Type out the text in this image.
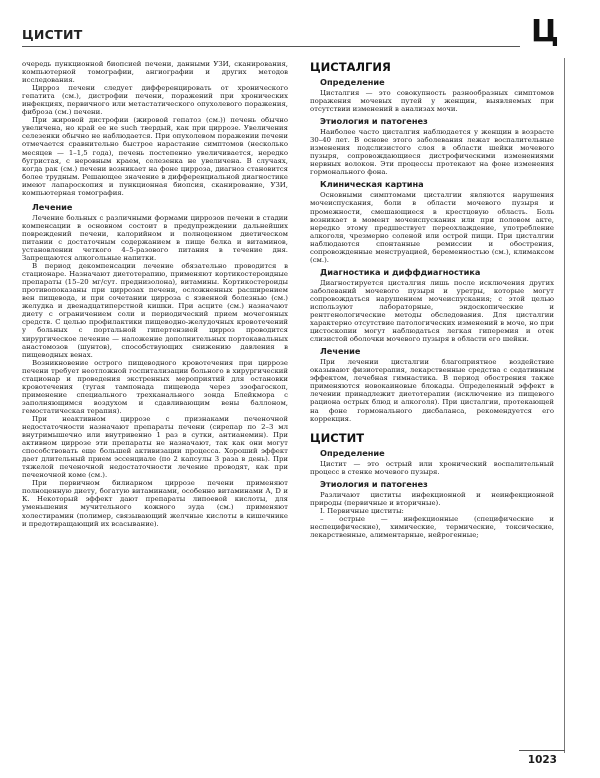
ЦИСТИТ	Ц

очередь пункционной биопсией печени, данными УЗИ, сканирования, компьютерной томографии, ангиографии и других методов исследования.

Цирроз печени следует дифференцировать от хронического гепатита (см.), дистрофии печени, поражений при хронических инфекциях, первичного или метастатического опухолевого поражения, фиброза (см.) печени.

При жировой дистрофии (жировой гепатоз (см.)) печень обычно увеличена, но край ее не such твердый, как при циррозе. Увеличения селезенки обычно не наблюдается. При опухолевом поражении печени отмечается сравнительно быстрое нарастание симптомов (несколько месяцев — 1–1,5 года), печень постепенно увеличивается, нередко бугристая, с неровным краем, селезенка не увеличена. В случаях, когда рак (см.) печени возникает на фоне цирроза, диагноз становится более трудным. Решающее значение в дифференциальной диагностике имеют лапароскопия и пункционная биопсия, сканирование, УЗИ, компьютерная томография.

Лечение

Лечение больных с различными формами циррозов печени в стадии компенсации в основном состоит в предупреждении дальнейших повреждений печени, калорийном и полноценном диетическом питании с достаточным содержанием в пище белка и витаминов, установлении четкого 4–5-разового питания в течение дня. Запрещаются алкогольные напитки.

В период декомпенсации лечение обязательно проводится в стационаре. Назначают диетотерапию, применяют кортикостероидные препараты (15–20 мг/сут. преднизолона), витамины. Кортикостероиды противопоказаны при циррозах печени, осложненных расширением вен пищевода, и при сочетании цирроза с язвенной болезнью (см.) желудка и двенадцатиперстной кишки. При асците (см.) назначают диету с ограничением соли и периодический прием мочегонных средств. С целью профилактики пищеводно-желудочных кровотечений у больных с портальной гипертензией цирроз проводится хирургическое лечение — наложение дополнительных портокавальных анастомозов (шунтов), способствующих снижению давления в пищеводных венах.

Возникновение острого пищеводного кровотечения при циррозе печени требует неотложной госпитализации больного в хирургический стационар и проведения экстренных мероприятий для остановки кровотечения (тугая тампонада пищевода через зэофагоскоп, применение специального трехканального зонда Блейкмора с заполняющимся воздухом и сдавливающим вены баллоном, гемостатическая терапия).

При неактивном циррозе с признаками печеночной недостаточности назначают препараты печени (сирепар по 2–3 мл внутримышечно или внутривенно 1 раз в сутки, антианемин). При активном циррозе эти препараты не назначают, так как они могут способствовать еще большей активизации процесса. Хороший эффект дает длительный прием эссенциале (по 2 капсулы 3 раза в день). При тяжелой печеночной недостаточности лечение проводят, как при печеночной коме (см.).

При первичном билиарном циррозе печени применяют полноценную диету, богатую витаминами, особенно витаминами А, D и К. Некоторый эффект дают препараты липоевой кислоты, для уменьшения мучительного кожного зуда (см.) применяют холестирамин (полимер, связывающий желчные кислоты в кишечнике и предотвращающий их всасывание).

ЦИСТАЛГИЯ
Определение

Цисталгия — это совокупность разнообразных симптомов поражения мочевых путей у женщин, выявляемых при отсутствии изменений в анализах мочи.

Этиология и патогенез

Наиболее часто цисталгия наблюдается у женщин в возрасте 30–40 лет. В основе этого заболевания лежат воспалительные изменения подслизистого слоя в области шейки мочевого пузыря, сопровождающиеся дистрофическими изменениями нервных волокон. Эти процессы протекают на фоне изменения гормонального фона.

Клиническая картина

Основными симптомами цисталгии являются нарушения мочеиспускания, боли в области мочевого пузыря и промежности, смешающиеся в крестцовую область. Боль возникает в момент мочеиспускания или при половом акте, нередко этому предшествует переохлаждение, употребление алкоголя, чрезмерно соленой или острой пищи. При цисталгии наблюдаются спонтанные ремиссии и обострения, сопровожденные менструацией, беременностью (см.), климаксом (см.).

Диагностика и диффдиагностика

Диагностируется цисталгия лишь после исключения других заболеваний мочевого пузыря и уретры, которые могут сопровождаться нарушением мочеиспускания; с этой целью используют лабораторные, эндоскопические и рентгенологические методы обследования. Для цисталгии характерно отсутствие патологических изменений в моче, но при цистоскопии могут наблюдаться легкая гиперемия и отек слизистой оболочки мочевого пузыря в области его шейки.

Лечение

При лечении цисталгии благоприятное воздействие оказывают физиотерапия, лекарственные средства с седативным эффектом, лечебная гимнастика. В период обострения также применяются новокаиновые блокады. Определенный эффект в лечении принадлежит диетотерапии (исключение из пищевого рациона острых блюд и алкоголя). При цисталгии, протекающей на фоне гормонального дисбаланса, рекомендуется его коррекция.

ЦИСТИТ
Определение

Цистит — это острый или хронический воспалительный процесс в стенке мочевого пузыря.

Этиология и патогенез

Различают циститы инфекционной и неинфекционной природы (первичные и вторичные).

I. Первичные циститы:

– острые — инфекционные (специфические и неспецифические), химические, термические, токсические, лекарственные, алиментарные, нейрогенные;

1023
